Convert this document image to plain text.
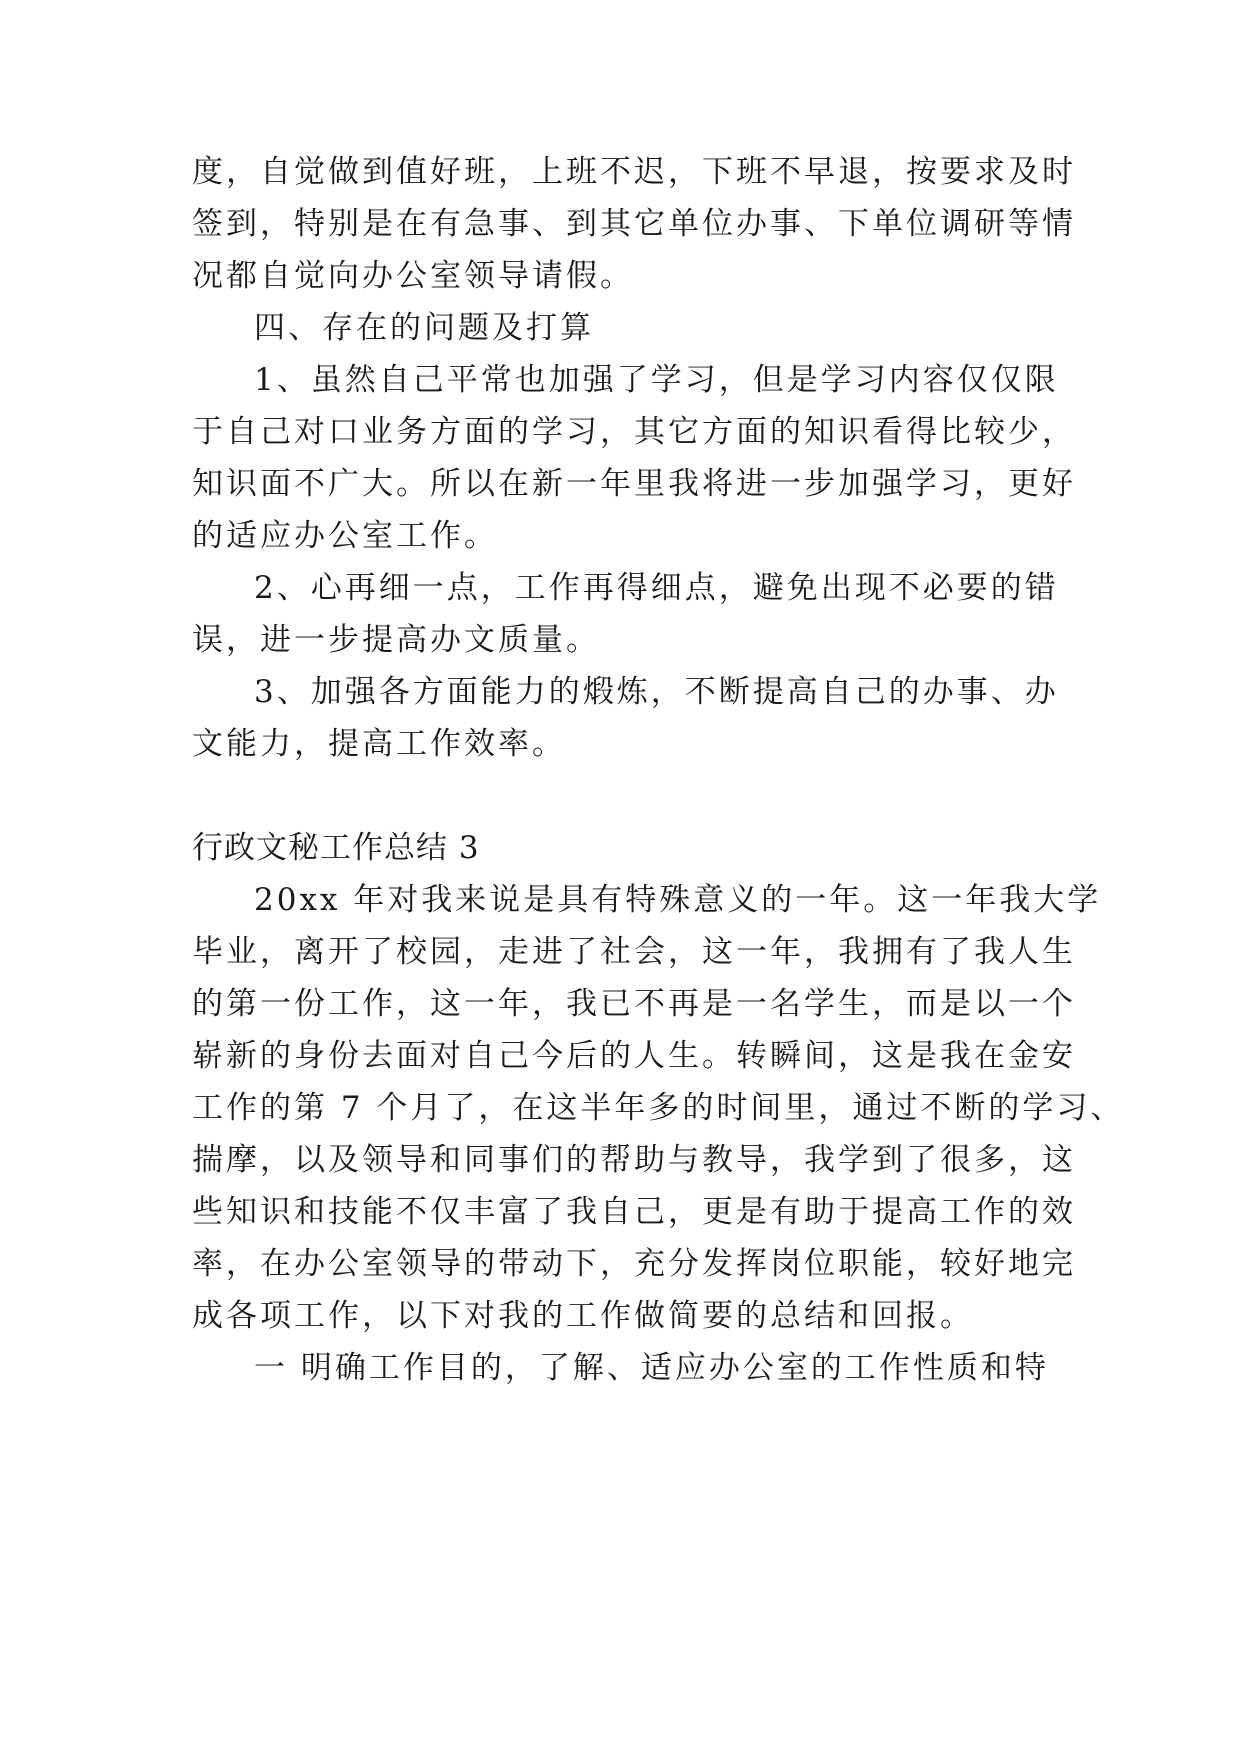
度，自觉做到值好班，上班不迟，下班不早退，按要求及时
签到，特别是在有急事、到其它单位办事、下单位调研等情
况都自觉向办公室领导请假。
四、存在的问题及打算
1、虽然自己平常也加强了学习，但是学习内容仅仅限
于自己对口业务方面的学习，其它方面的知识看得比较少，
知识面不广大。所以在新一年里我将进一步加强学习，更好
的适应办公室工作。
2、心再细一点，工作再得细点，避免出现不必要的错
误，进一步提高办文质量。
3、加强各方面能力的煅炼，不断提高自己的办事、办
文能力，提高工作效率。
行政文秘工作总结 3
20xx 年对我来说是具有特殊意义的一年。这一年我大学
毕业，离开了校园，走进了社会，这一年，我拥有了我人生
的第一份工作，这一年，我已不再是一名学生，而是以一个
崭新的身份去面对自己今后的人生。转瞬间，这是我在金安
工作的第 7 个月了，在这半年多的时间里，通过不断的学习、
揣摩，以及领导和同事们的帮助与教导，我学到了很多，这
些知识和技能不仅丰富了我自己，更是有助于提高工作的效
率，在办公室领导的带动下，充分发挥岗位职能，较好地完
成各项工作，以下对我的工作做简要的总结和回报。
一 明确工作目的，了解、适应办公室的工作性质和特
